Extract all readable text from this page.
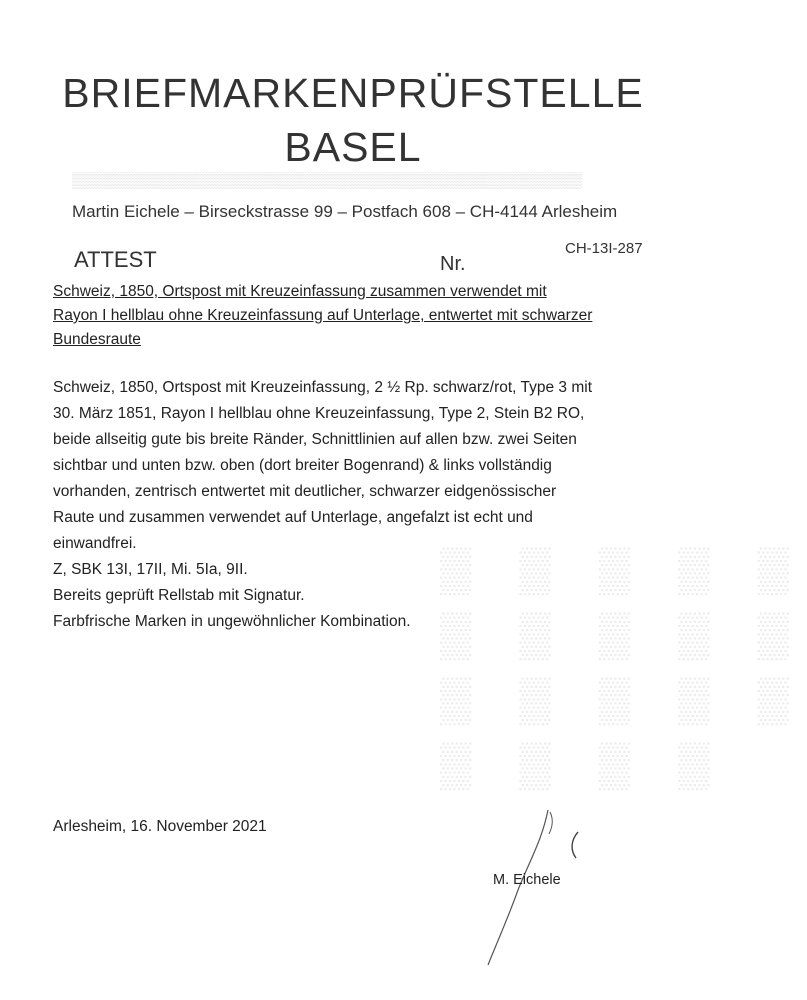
▒▒▒▒▒▒▒▒▒▒▒▒▒▒▒▒▒▒▒▒▒▒▒▒▒▒▒▒▒▒▒▒▒▒▒▒▒▒▒▒▒▒▒▒▒▒▒▒
▒ ▒ ▒ ▒ ▒
▒ ▒ ▒ ▒ ▒
▒ ▒ ▒ ▒ ▒
▒ ▒ ▒ ▒
BRIEFMARKENPRÜFSTELLE
BASEL
Martin Eichele – Birseckstrasse 99 – Postfach 608 – CH-4144 Arlesheim
ATTEST	Nr.
CH-13I-287
Schweiz, 1850, Ortspost mit Kreuzeinfassung zusammen verwendet mit
Rayon I hellblau ohne Kreuzeinfassung auf Unterlage, entwertet mit schwarzer
Bundesraute
Schweiz, 1850, Ortspost mit Kreuzeinfassung, 2 ½ Rp. schwarz/rot, Type 3 mit
30. März 1851, Rayon I hellblau ohne Kreuzeinfassung, Type 2, Stein B2 RO,
beide allseitig gute bis breite Ränder, Schnittlinien auf allen bzw. zwei Seiten
sichtbar und unten bzw. oben (dort breiter Bogenrand) & links vollständig
vorhanden, zentrisch entwertet mit deutlicher, schwarzer eidgenössischer
Raute und zusammen verwendet auf Unterlage, angefalzt ist echt und
einwandfrei.
Z, SBK 13I, 17II, Mi. 5Ia, 9II.
Bereits geprüft Rellstab mit Signatur.
Farbfrische Marken in ungewöhnlicher Kombination.
Arlesheim, 16. November 2021
M. Eichele
